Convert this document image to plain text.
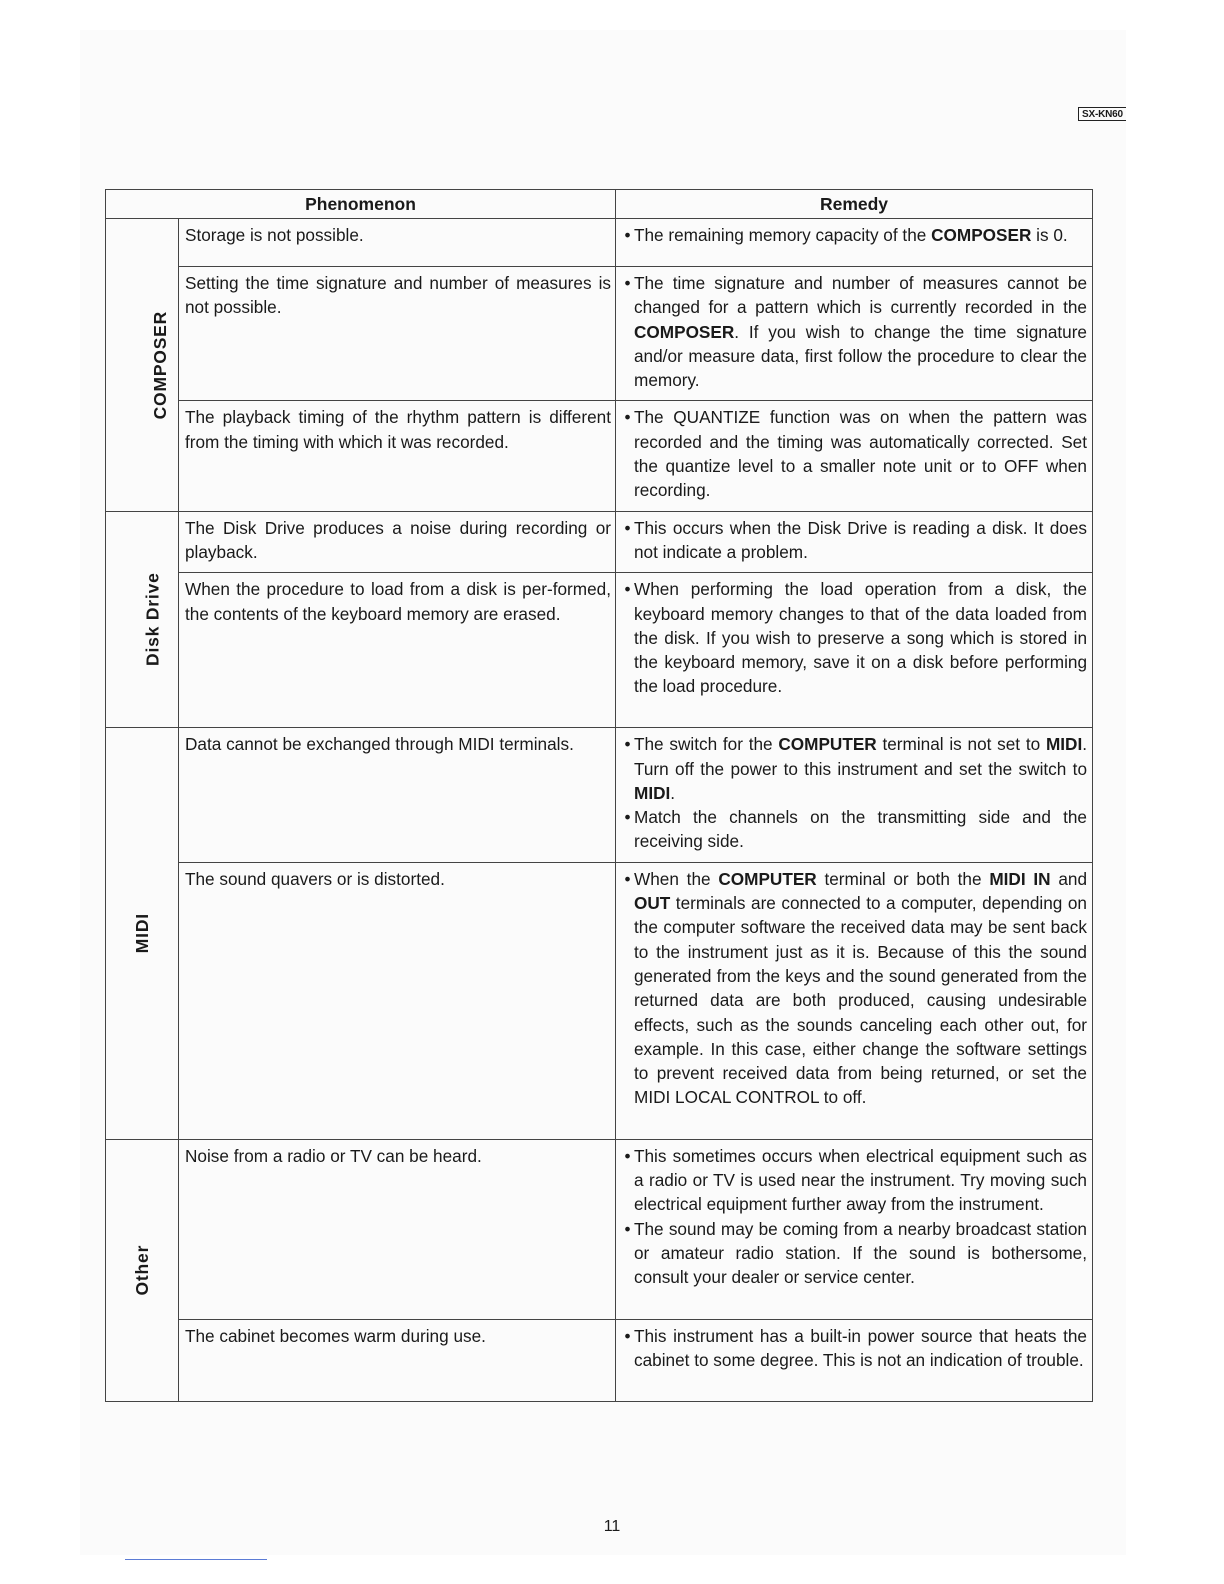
SX-KN60
Phenomenon		Remedy
COMPOSER	Storage is not possible.	• The remaining memory capacity of the COMPOSER is 0.

	Setting the time signature and number of measures is not possible.	• The time signature and number of measures cannot be changed for a pattern which is currently recorded in the COMPOSER. If you wish to change the time signature and/or measure data, first follow the procedure to clear the memory.

	The playback timing of the rhythm pattern is different from the timing with which it was recorded.	• The QUANTIZE function was on when the pattern was recorded and the timing was automatically corrected. Set the quantize level to a smaller note unit or to OFF when recording.

Disk Drive	The Disk Drive produces a noise during recording or playback.	• This occurs when the Disk Drive is reading a disk. It does not indicate a problem.

	When the procedure to load from a disk is per-formed, the contents of the keyboard memory are erased.	• When performing the load operation from a disk, the keyboard memory changes to that of the data loaded from the disk. If you wish to preserve a song which is stored in the keyboard memory, save it on a disk before performing the load procedure.

MIDI	Data cannot be exchanged through MIDI terminals.	• The switch for the COMPUTER terminal is not set to MIDI. Turn off the power to this instrument and set the switch to MIDI.
• Match the channels on the transmitting side and the receiving side.

	The sound quavers or is distorted.	• When the COMPUTER terminal or both the MIDI IN and OUT terminals are connected to a computer, depending on the computer software the received data may be sent back to the instrument just as it is. Because of this the sound generated from the keys and the sound generated from the returned data are both produced, causing undesirable effects, such as the sounds canceling each other out, for example. In this case, either change the software settings to prevent received data from being returned, or set the MIDI LOCAL CONTROL to off.

Other	Noise from a radio or TV can be heard.	• This sometimes occurs when electrical equipment such as a radio or TV is used near the instrument. Try moving such electrical equipment further away from the instrument.
• The sound may be coming from a nearby broadcast station or amateur radio station. If the sound is bothersome, consult your dealer or service center.

	The cabinet becomes warm during use.	• This instrument has a built-in power source that heats the cabinet to some degree. This is not an indication of trouble.
11
